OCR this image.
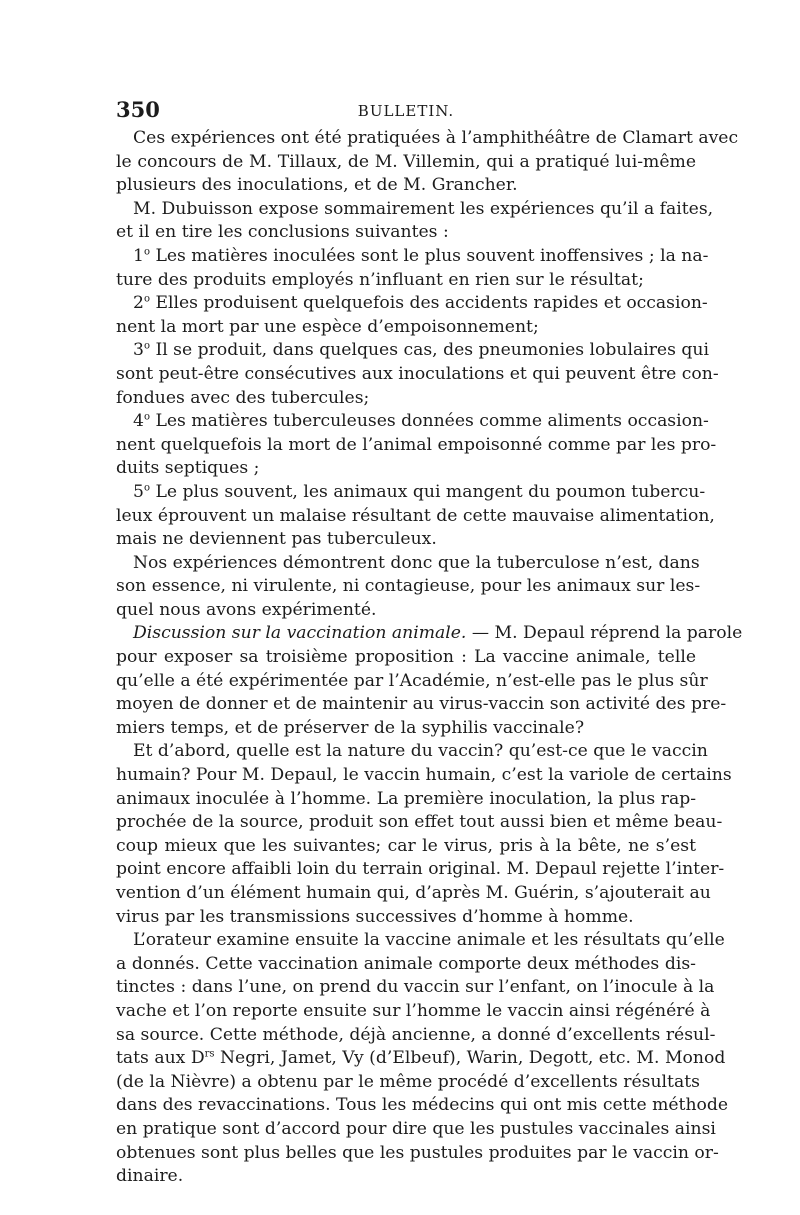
350	BULLETIN.
Ces expériences ont été pratiquées à l’amphithéâtre de Clamart avec
le concours de M. Tillaux, de M. Villemin, qui a pratiqué lui-même
plusieurs des inoculations, et de M. Grancher.
M. Dubuisson expose sommairement les expériences qu’il a faites,
et il en tire les conclusions suivantes :
1$^o$ Les matières inoculées sont le plus souvent inoffensives ; la na-
ture des produits employés n’influant en rien sur le résultat;
2$^o$ Elles produisent quelquefois des accidents rapides et occasion-
nent la mort par une espèce d’empoisonnement;
3$^o$ Il se produit, dans quelques cas, des pneumonies lobulaires qui
sont peut-être consécutives aux inoculations et qui peuvent être con-
fondues avec des tubercules;
4$^o$ Les matières tuberculeuses données comme aliments occasion-
nent quelquefois la mort de l’animal empoisonné comme par les pro-
duits septiques ;
5$^o$ Le plus souvent, les animaux qui mangent du poumon tubercu-
leux éprouvent un malaise résultant de cette mauvaise alimentation,
mais ne deviennent pas tuberculeux.
Nos expériences démontrent donc que la tuberculose n’est, dans
son essence, ni virulente, ni contagieuse, pour les animaux sur les-
quel nous avons expérimenté.
Discussion sur la vaccination animale. — M. Depaul réprend la parole
pour exposer sa troisième proposition : La vaccine animale, telle
qu’elle a été expérimentée par l’Académie, n’est-elle pas le plus sûr
moyen de donner et de maintenir au virus-vaccin son activité des pre-
miers temps, et de préserver de la syphilis vaccinale?
Et d’abord, quelle est la nature du vaccin? qu’est-ce que le vaccin
humain? Pour M. Depaul, le vaccin humain, c’est la variole de certains
animaux inoculée à l’homme. La première inoculation, la plus rap-
prochée de la source, produit son effet tout aussi bien et même beau-
coup mieux que les suivantes; car le virus, pris à la bête, ne s’est
point encore affaibli loin du terrain original. M. Depaul rejette l’inter-
vention d’un élément humain qui, d’après M. Guérin, s’ajouterait au
virus par les transmissions successives d’homme à homme.
L’orateur examine ensuite la vaccine animale et les résultats qu’elle
a donnés. Cette vaccination animale comporte deux méthodes dis-
tinctes : dans l’une, on prend du vaccin sur l’enfant, on l’inocule à la
vache et l’on reporte ensuite sur l’homme le vaccin ainsi régénéré à
sa source. Cette méthode, déjà ancienne, a donné d’excellents résul-
tats aux $D^{rs}$ Negri, Jamet, Vy (d’Elbeuf), Warin, Degott, etc. M. Monod
(de la Nièvre) a obtenu par le même procédé d’excellents résultats
dans des revaccinations. Tous les médecins qui ont mis cette méthode
en pratique sont d’accord pour dire que les pustules vaccinales ainsi
obtenues sont plus belles que les pustules produites par le vaccin or-
dinaire.
